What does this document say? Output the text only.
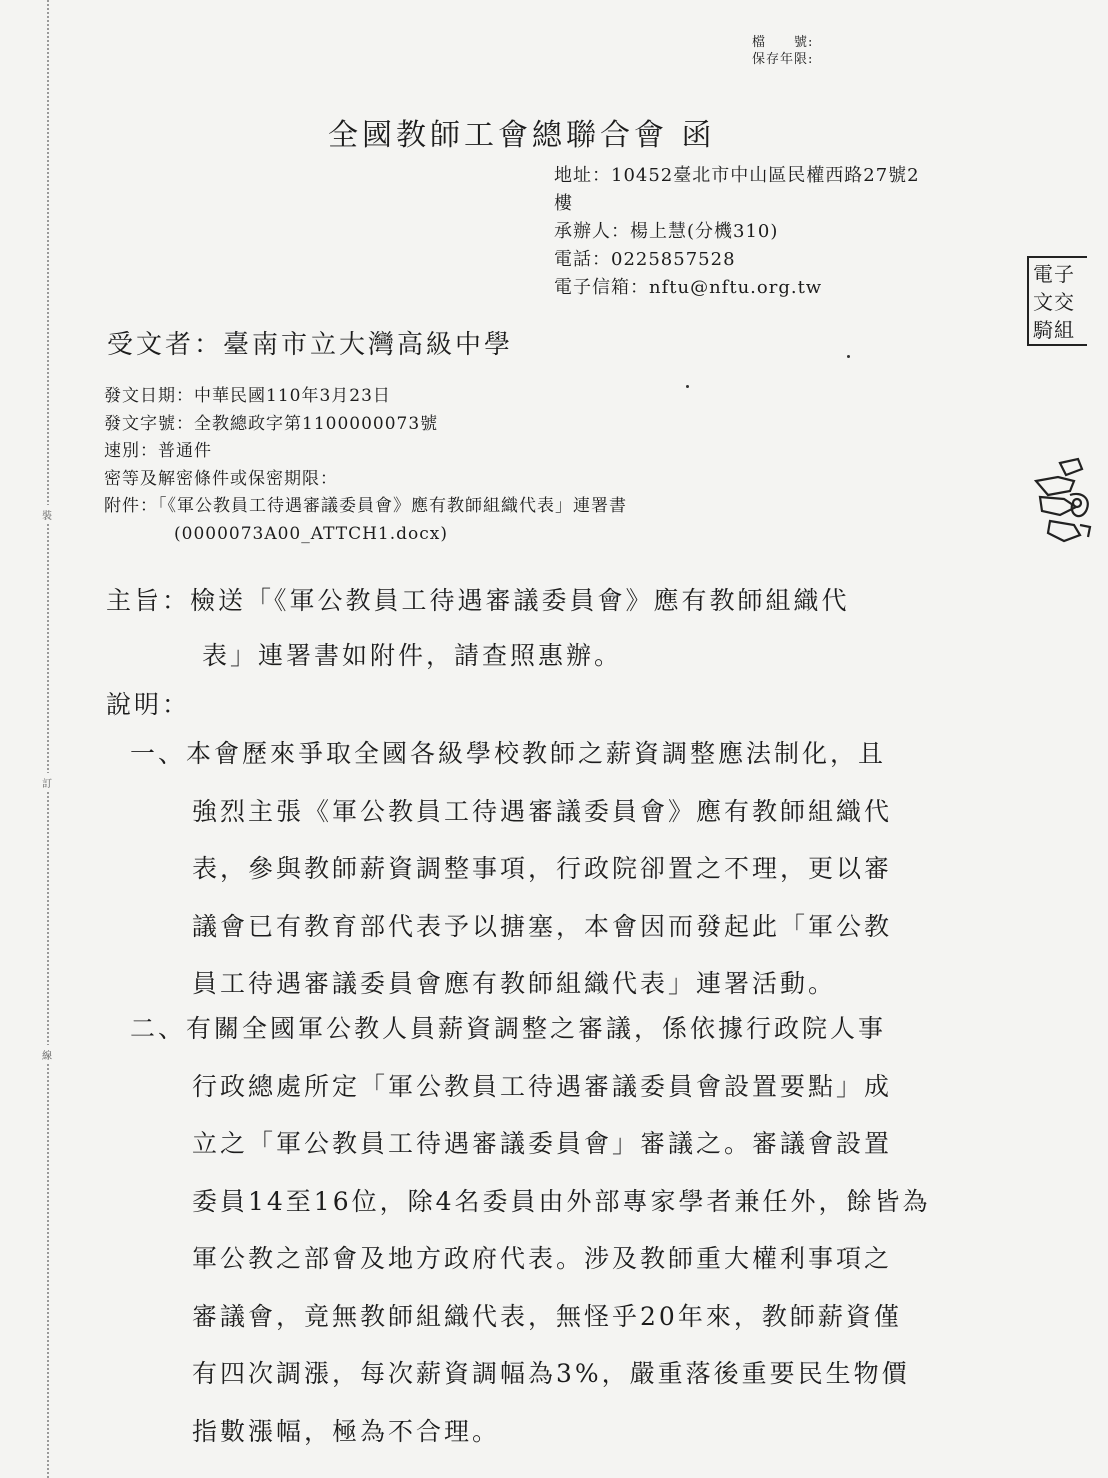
裝
訂
線
檔　　號:
保存年限:
全國教師工會總聯合會 函
地址：10452臺北市中山區民權西路27號2
樓
承辦人：楊上慧(分機310)
電話：0225857528
電子信箱：nftu@nftu.org.tw
電子
文交
騎組
受文者：臺南市立大灣高級中學
發文日期：中華民國110年3月23日
發文字號：全教總政字第1100000073號
速別：普通件
密等及解密條件或保密期限：
附件：「《軍公教員工待遇審議委員會》應有教師組織代表」連署書
(0000073A00_ATTCH1.docx)
主旨：檢送「《軍公教員工待遇審議委員會》應有教師組織代
表」連署書如附件，請查照惠辦。
說明：
一、本會歷來爭取全國各級學校教師之薪資調整應法制化，且
強烈主張《軍公教員工待遇審議委員會》應有教師組織代
表，參與教師薪資調整事項，行政院卻置之不理，更以審
議會已有教育部代表予以搪塞，本會因而發起此「軍公教
員工待遇審議委員會應有教師組織代表」連署活動。
二、有關全國軍公教人員薪資調整之審議，係依據行政院人事
行政總處所定「軍公教員工待遇審議委員會設置要點」成
立之「軍公教員工待遇審議委員會」審議之。審議會設置
委員14至16位，除4名委員由外部專家學者兼任外，餘皆為
軍公教之部會及地方政府代表。涉及教師重大權利事項之
審議會，竟無教師組織代表，無怪乎20年來，教師薪資僅
有四次調漲，每次薪資調幅為3%，嚴重落後重要民生物價
指數漲幅，極為不合理。
